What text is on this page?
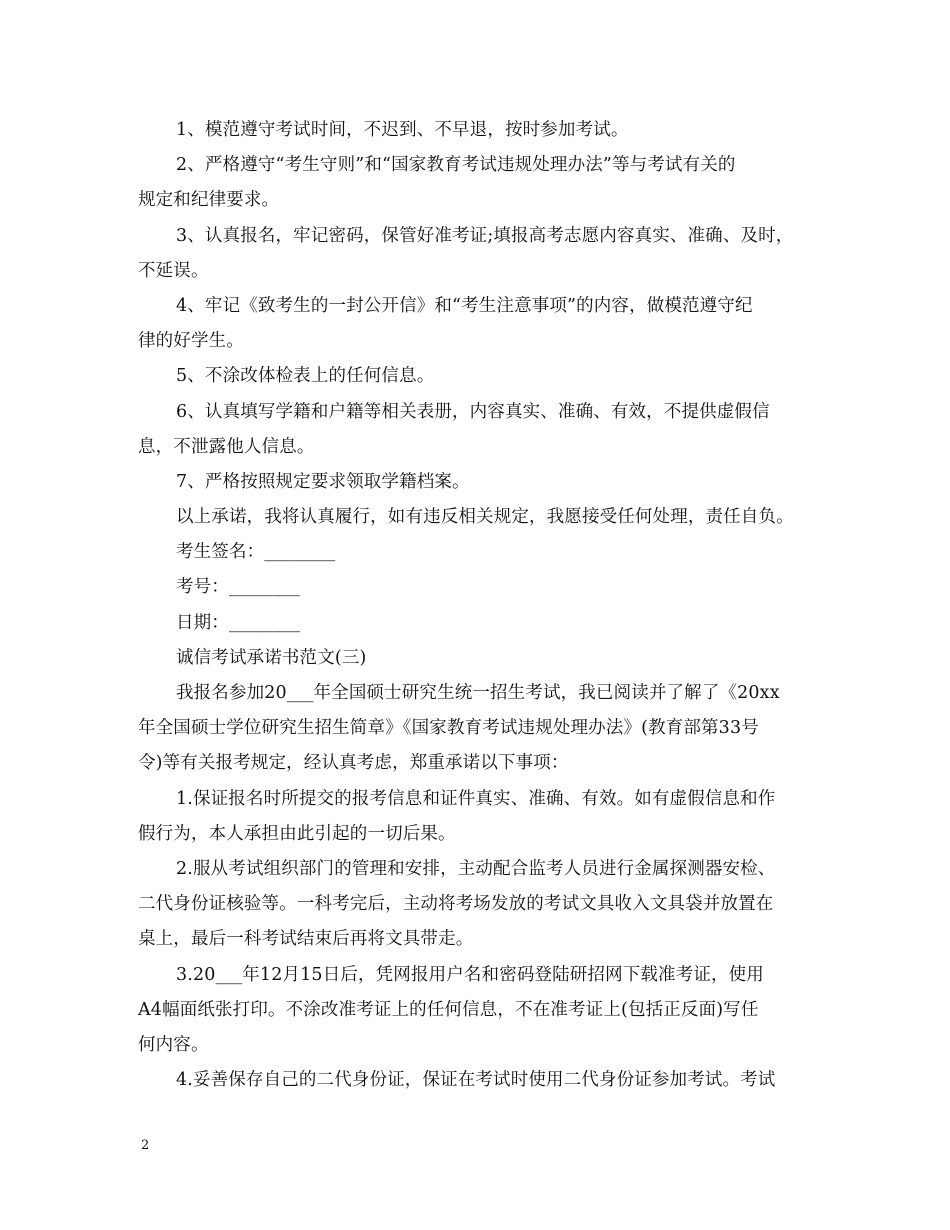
1、模范遵守考试时间，不迟到、不早退，按时参加考试。
2、严格遵守“考生守则”和“国家教育考试违规处理办法”等与考试有关的
规定和纪律要求。
3、认真报名，牢记密码，保管好准考证;填报高考志愿内容真实、准确、及时，
不延误。
4、牢记《致考生的一封公开信》和“考生注意事项”的内容，做模范遵守纪
律的好学生。
5、不涂改体检表上的任何信息。
6、认真填写学籍和户籍等相关表册，内容真实、准确、有效，不提供虚假信
息，不泄露他人信息。
7、严格按照规定要求领取学籍档案。
以上承诺，我将认真履行，如有违反相关规定，我愿接受任何处理，责任自负。
考生签名：________
考号：________
日期：________
诚信考试承诺书范文(三)
我报名参加20___年全国硕士研究生统一招生考试，我已阅读并了解了《20xx
年全国硕士学位研究生招生简章》《国家教育考试违规处理办法》(教育部第33号
令)等有关报考规定，经认真考虑，郑重承诺以下事项：
1.保证报名时所提交的报考信息和证件真实、准确、有效。如有虚假信息和作
假行为，本人承担由此引起的一切后果。
2.服从考试组织部门的管理和安排，主动配合监考人员进行金属探测器安检、
二代身份证核验等。一科考完后，主动将考场发放的考试文具收入文具袋并放置在
桌上，最后一科考试结束后再将文具带走。
3.20___年12月15日后，凭网报用户名和密码登陆研招网下载准考证，使用
A4幅面纸张打印。不涂改准考证上的任何信息，不在准考证上(包括正反面)写任
何内容。
4.妥善保存自己的二代身份证，保证在考试时使用二代身份证参加考试。考试
2
